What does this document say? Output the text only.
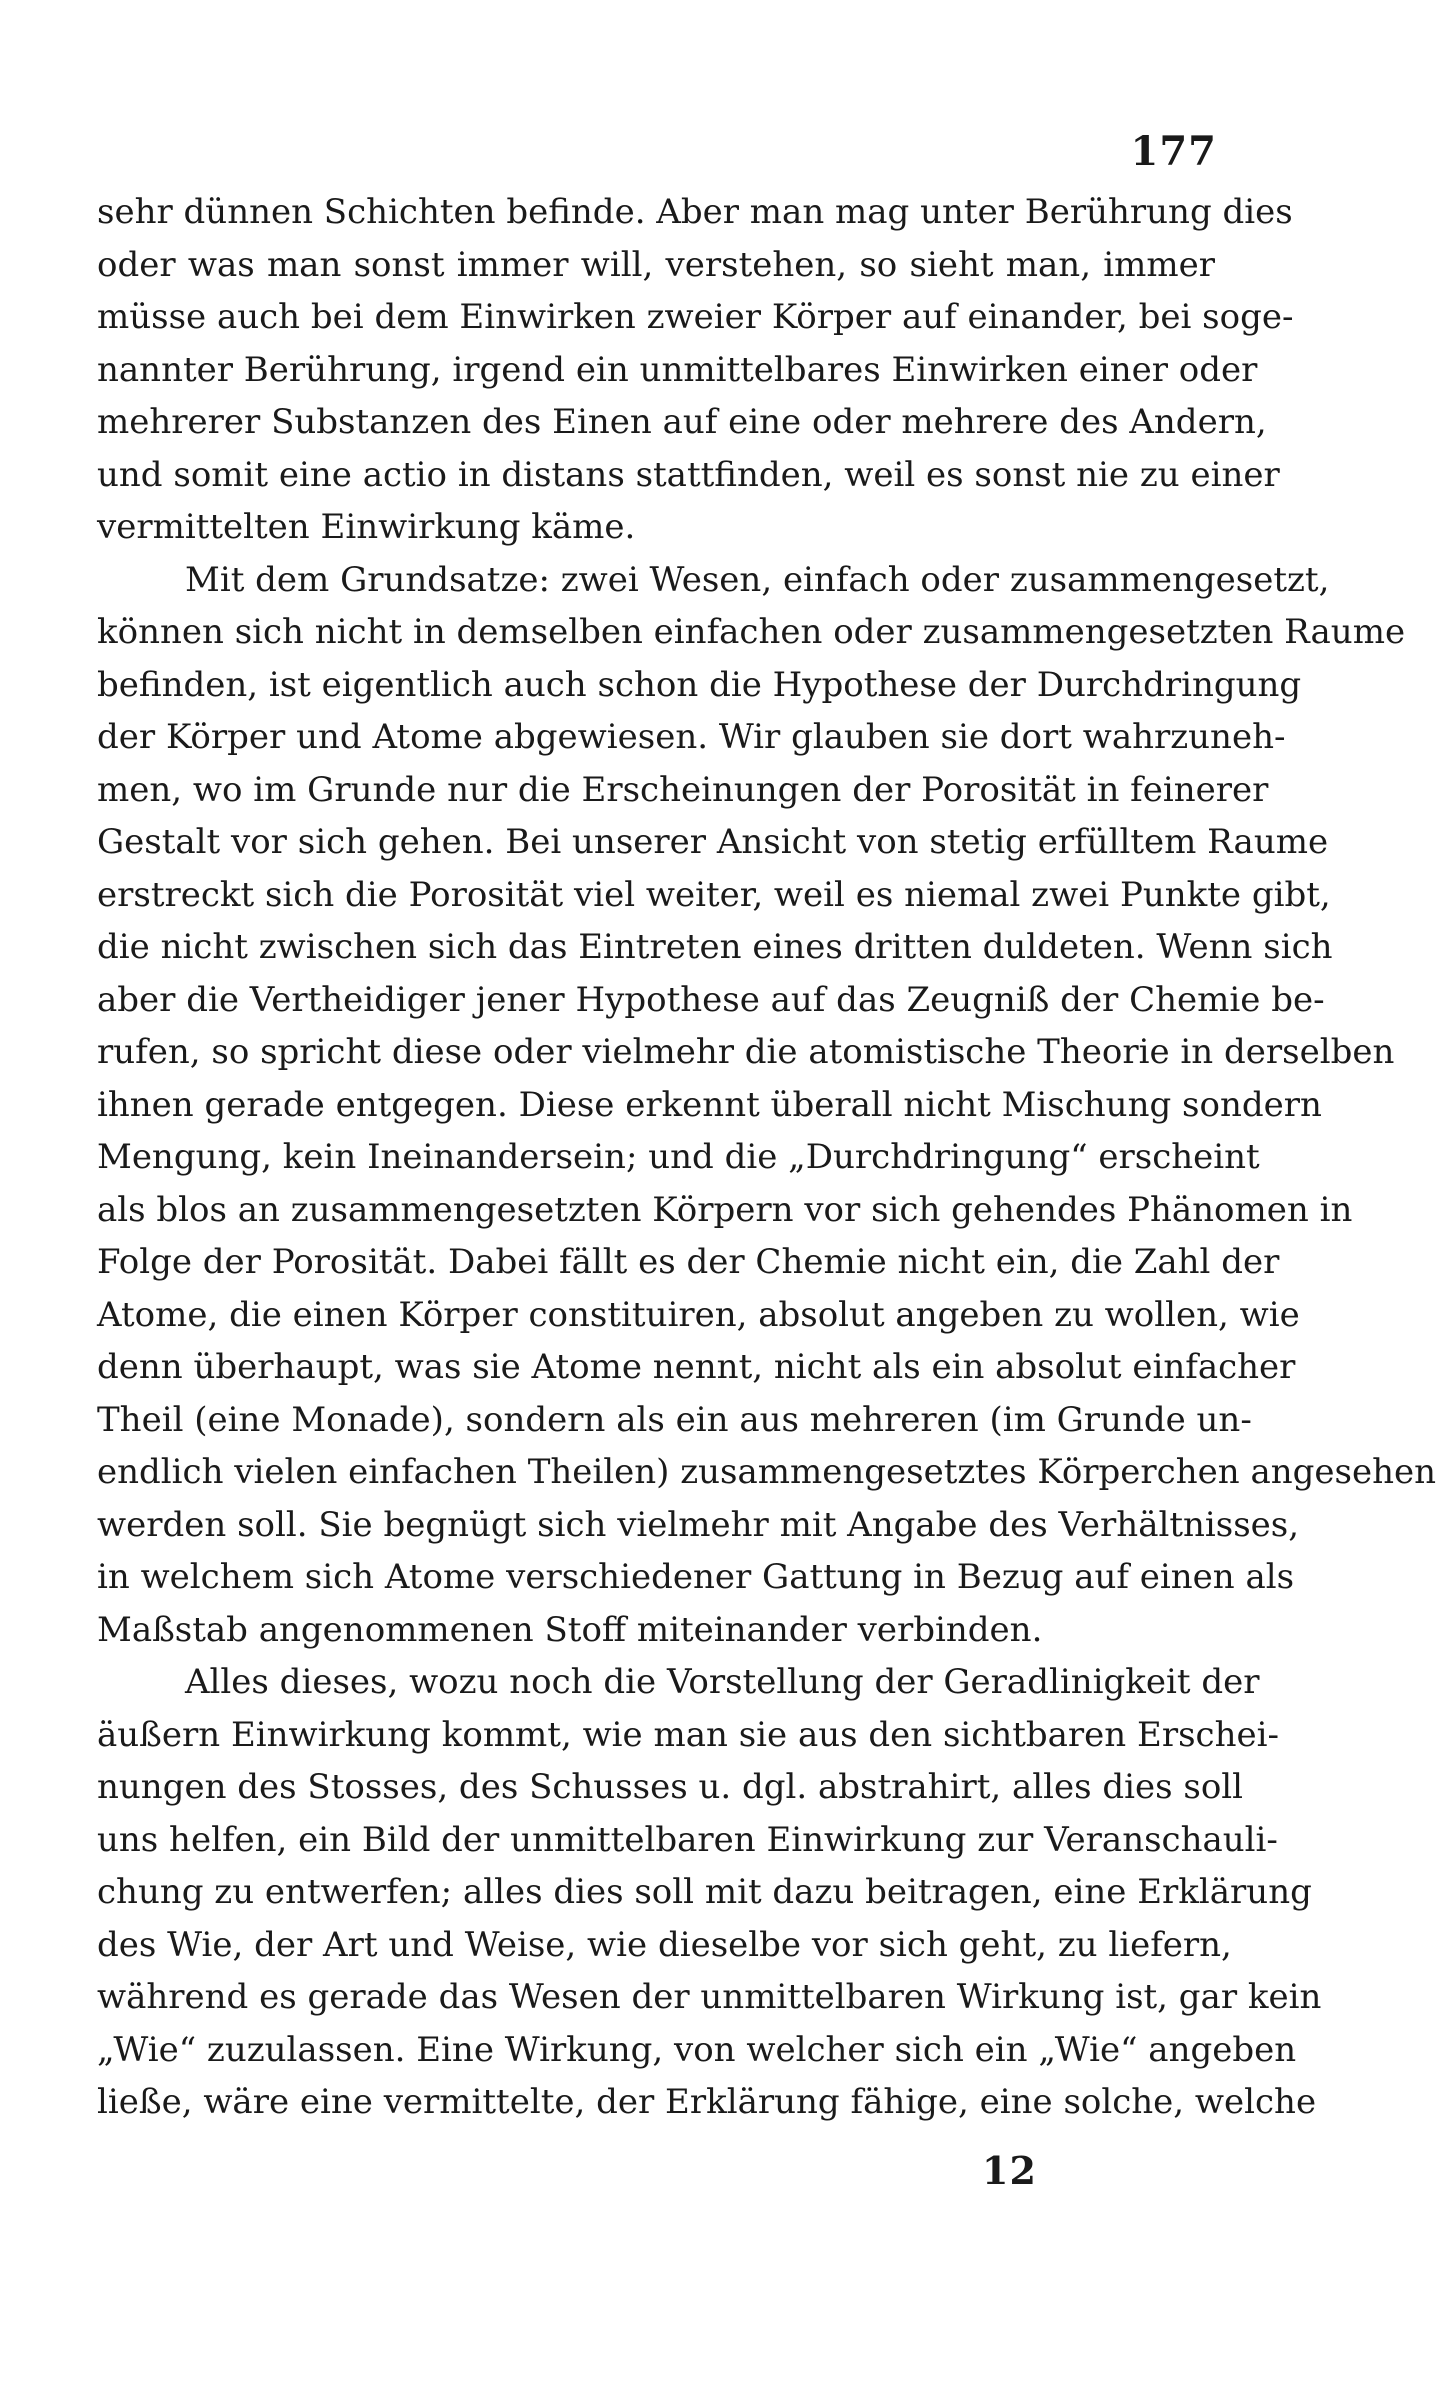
177
sehr dünnen Schichten befinde. Aber man mag unter Berührung dies
oder was man sonst immer will, verstehen, so sieht man, immer
müsse auch bei dem Einwirken zweier Körper auf einander, bei soge-
nannter Berührung, irgend ein unmittelbares Einwirken einer oder
mehrerer Substanzen des Einen auf eine oder mehrere des Andern,
und somit eine actio in distans stattfinden, weil es sonst nie zu einer
vermittelten Einwirkung käme.
Mit dem Grundsatze: zwei Wesen, einfach oder zusammengesetzt,
können sich nicht in demselben einfachen oder zusammengesetzten Raume
befinden, ist eigentlich auch schon die Hypothese der Durchdringung
der Körper und Atome abgewiesen. Wir glauben sie dort wahrzuneh-
men, wo im Grunde nur die Erscheinungen der Porosität in feinerer
Gestalt vor sich gehen. Bei unserer Ansicht von stetig erfülltem Raume
erstreckt sich die Porosität viel weiter, weil es niemal zwei Punkte gibt,
die nicht zwischen sich das Eintreten eines dritten duldeten. Wenn sich
aber die Vertheidiger jener Hypothese auf das Zeugniß der Chemie be-
rufen, so spricht diese oder vielmehr die atomistische Theorie in derselben
ihnen gerade entgegen. Diese erkennt überall nicht Mischung sondern
Mengung, kein Ineinandersein; und die „Durchdringung“ erscheint
als blos an zusammengesetzten Körpern vor sich gehendes Phänomen in
Folge der Porosität. Dabei fällt es der Chemie nicht ein, die Zahl der
Atome, die einen Körper constituiren, absolut angeben zu wollen, wie
denn überhaupt, was sie Atome nennt, nicht als ein absolut einfacher
Theil (eine Monade), sondern als ein aus mehreren (im Grunde un-
endlich vielen einfachen Theilen) zusammengesetztes Körperchen angesehen
werden soll. Sie begnügt sich vielmehr mit Angabe des Verhältnisses,
in welchem sich Atome verschiedener Gattung in Bezug auf einen als
Maßstab angenommenen Stoff miteinander verbinden.
Alles dieses, wozu noch die Vorstellung der Geradlinigkeit der
äußern Einwirkung kommt, wie man sie aus den sichtbaren Erschei-
nungen des Stosses, des Schusses u. dgl. abstrahirt, alles dies soll
uns helfen, ein Bild der unmittelbaren Einwirkung zur Veranschauli-
chung zu entwerfen; alles dies soll mit dazu beitragen, eine Erklärung
des Wie, der Art und Weise, wie dieselbe vor sich geht, zu liefern,
während es gerade das Wesen der unmittelbaren Wirkung ist, gar kein
„Wie“ zuzulassen. Eine Wirkung, von welcher sich ein „Wie“ angeben
ließe, wäre eine vermittelte, der Erklärung fähige, eine solche, welche
12
